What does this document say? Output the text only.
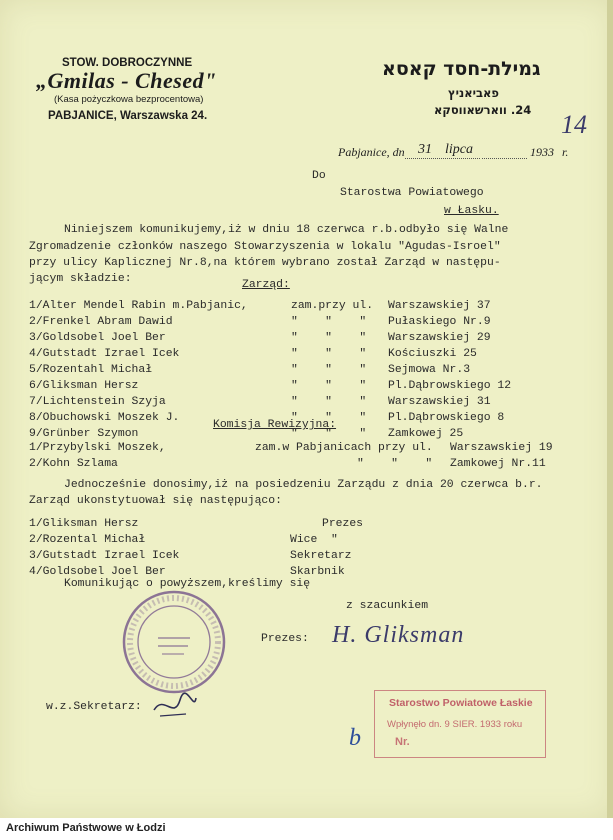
STOW. DOBROCZYNNE
„Gmilas - Chesed"
(Kasa pożyczkowa bezprocentowa)
PABJANICE, Warszawska 24.
גמילת-חסד קאסא
פאביאניץ
24. ווארשאווסקא 14
Pabjanice, dn 31 lipca	1933 r.
Do
Starostwa Powiatowego
w Łasku.
Niniejszem komunikujemy,iż w dniu 18 czerwca r.b.odbyło się Walne
Zgromadzenie członków naszego Stowarzyszenia w lokalu "Agudas-Isroel"
przy ulicy Kaplicznej Nr.8,na którem wybrano został Zarząd w następu-
jącym składzie:	Zarząd:
1/Alter Mendel Rabin m.Pabjanic,	zam.przy ul. Warszawskiej 37
2/Frenkel Abram Dawid	"    "    " Pułaskiego Nr.9
3/Goldsobel Joel Ber	"    "    " Warszawskiej 29
4/Gutstadt Izrael Icek	"    "    " Kościuszki 25
5/Rozentahl Michał	"    "    " Sejmowa Nr.3
6/Gliksman Hersz	"    "    " Pl.Dąbrowskiego 12
7/Lichtenstein Szyja	"    "    " Warszawskiej 31
8/Obuchowski Moszek J.	"    "    " Pl.Dąbrowskiego 8
9/Grünber Szymon	"    "    " Zamkowej 25
Komisja Rewizyjna:
1/Przybylski Moszek,	zam.w Pabjanicach przy ul. Warszawskiej 19
2/Kohn Szlama	"    "    " Zamkowej Nr.11
Jednocześnie donosimy,iż na posiedzeniu Zarządu z dnia 20 czerwca b.r.
Zarząd ukonstytuował się następująco:
1/Gliksman Hersz	Prezes
2/Rozental Michał	Wice  "
3/Gutstadt Izrael Icek	Sekretarz
4/Goldsobel Joel Ber	Skarbnik
Komunikując o powyższem,kreślimy się
z szacunkiem
Prezes: H. Gliksman
w.z.Sekretarz:

	Starostwo Powiatowe Łaskie

Wpłynęło dn. 9 SIER. 1933 roku

Nr.

b
Archiwum Państwowe w Łodzi
